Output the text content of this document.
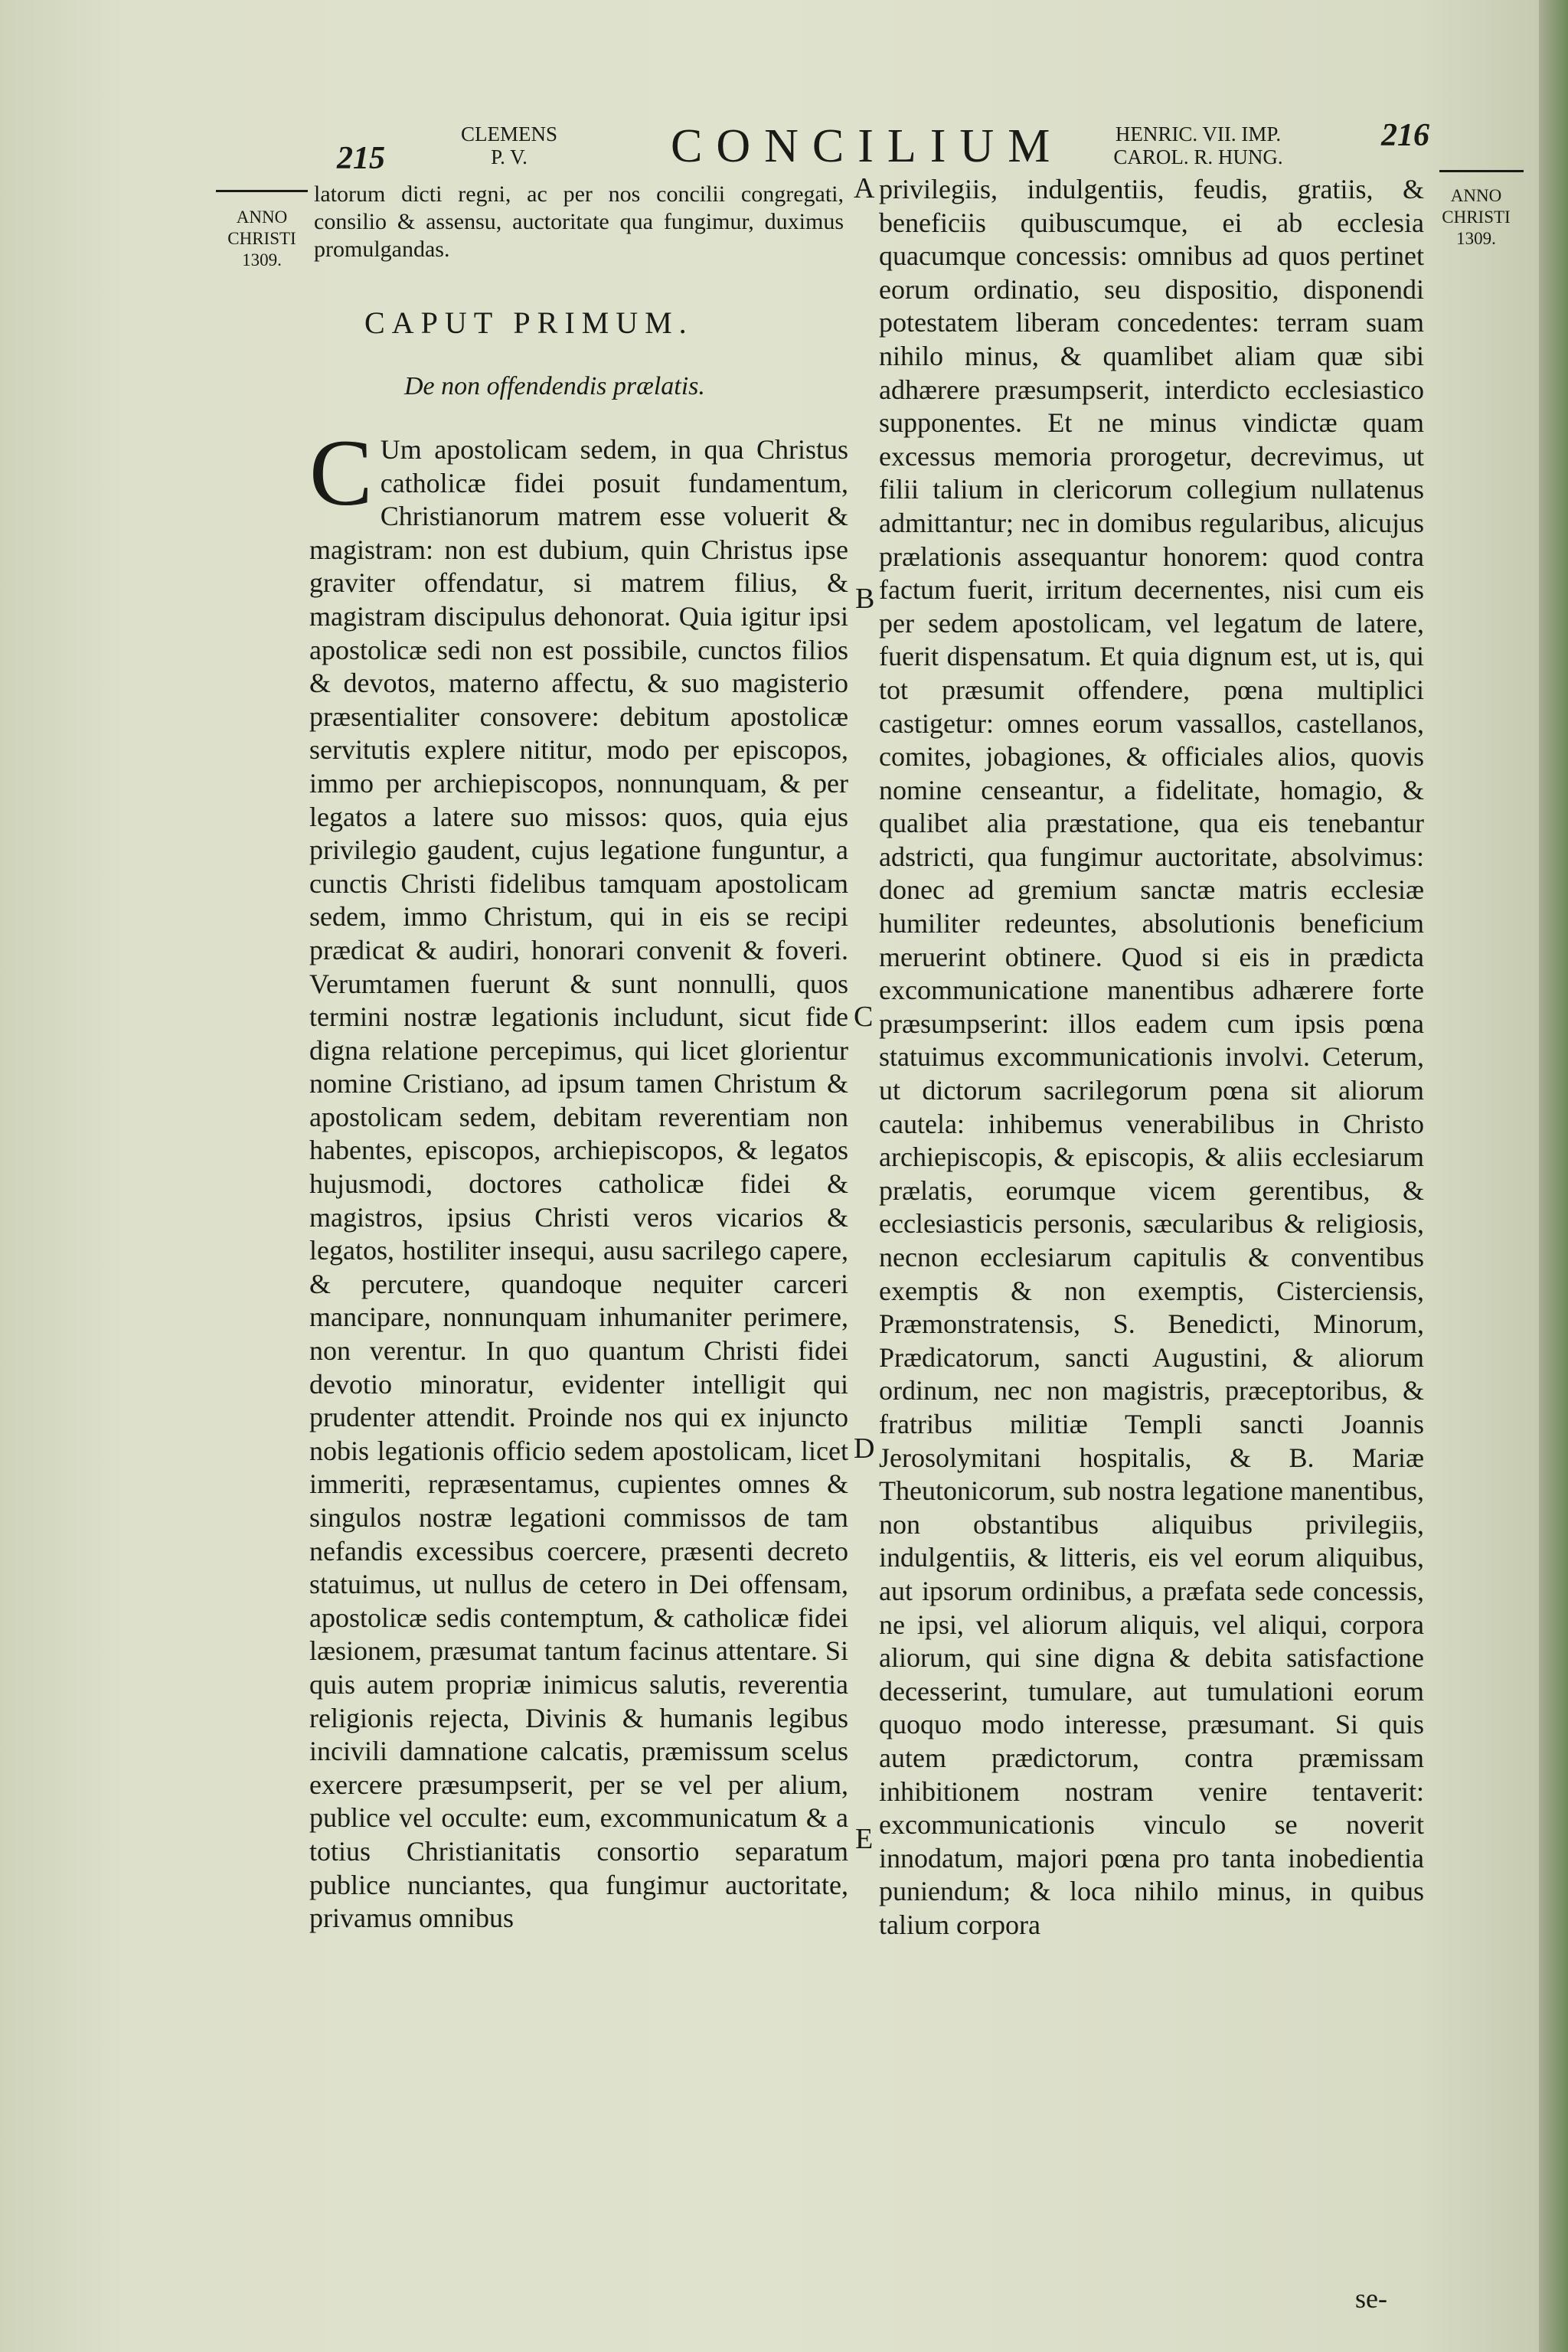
215
CLEMENS
P. V.	CONCILIUM	HENRIC. VII. IMP.
CAROL. R. HUNG.
216
ANNO
CHRISTI
1309.
ANNO
CHRISTI
1309.
latorum dicti regni, ac per nos concilii congregati, consilio & assensu, auctoritate qua fungimur, duximus promulgandas.
CAPUT PRIMUM.
De non offendendis prælatis.
C Um apostolicam sedem, in qua Christus catholicæ fidei posuit fundamentum, Christianorum matrem esse voluerit & magistram: non est dubium, quin Christus ipse graviter offendatur, si matrem filius, & magistram discipulus dehonorat. Quia igitur ipsi apostolicæ sedi non est possibile, cunctos filios & devotos, materno affectu, & suo magisterio præsentialiter consovere: debitum apostolicæ servitutis explere nititur, modo per episcopos, immo per archiepiscopos, nonnunquam, & per legatos a latere suo missos: quos, quia ejus privilegio gaudent, cujus legatione funguntur, a cunctis Christi fidelibus tamquam apostolicam sedem, immo Christum, qui in eis se recipi prædicat & audiri, honorari convenit & foveri. Verumtamen fuerunt & sunt nonnulli, quos termini nostræ legationis includunt, sicut fide digna relatione percepimus, qui licet glorientur nomine Cristiano, ad ipsum tamen Christum & apostolicam sedem, debitam reverentiam non habentes, episcopos, archiepiscopos, & legatos hujusmodi, doctores catholicæ fidei & magistros, ipsius Christi veros vicarios & legatos, hostiliter insequi, ausu sacrilego capere, & percutere, quandoque nequiter carceri mancipare, nonnunquam inhumaniter perimere, non verentur. In quo quantum Christi fidei devotio minoratur, evidenter intelligit qui prudenter attendit. Proinde nos qui ex injuncto nobis legationis officio sedem apostolicam, licet immeriti, repræsentamus, cupientes omnes & singulos nostræ legationi commissos de tam nefandis excessibus coercere, præsenti decreto statuimus, ut nullus de cetero in Dei offensam, apostolicæ sedis contemptum, & catholicæ fidei læsionem, præsumat tantum facinus attentare. Si quis autem propriæ inimicus salutis, reverentia religionis rejecta, Divinis & humanis legibus incivili damnatione calcatis, præmissum scelus exercere præsumpserit, per se vel per alium, publice vel occulte: eum, excommunicatum & a totius Christianitatis consortio separatum publice nunciantes, qua fungimur auctoritate, privamus omnibus
A
B
C
D
E
privilegiis, indulgentiis, feudis, gratiis, & beneficiis quibuscumque, ei ab ecclesia quacumque concessis: omnibus ad quos pertinet eorum ordinatio, seu dispositio, disponendi potestatem liberam concedentes: terram suam nihilo minus, & quamlibet aliam quæ sibi adhærere præsumpserit, interdicto ecclesiastico supponentes. Et ne minus vindictæ quam excessus memoria prorogetur, decrevimus, ut filii talium in clericorum collegium nullatenus admittantur; nec in domibus regularibus, alicujus prælationis assequantur honorem: quod contra factum fuerit, irritum decernentes, nisi cum eis per sedem apostolicam, vel legatum de latere, fuerit dispensatum. Et quia dignum est, ut is, qui tot præsumit offendere, pœna multiplici castigetur: omnes eorum vassallos, castellanos, comites, jobagiones, & officiales alios, quovis nomine censeantur, a fidelitate, homagio, & qualibet alia præstatione, qua eis tenebantur adstricti, qua fungimur auctoritate, absolvimus: donec ad gremium sanctæ matris ecclesiæ humiliter redeuntes, absolutionis beneficium meruerint obtinere. Quod si eis in prædicta excommunicatione manentibus adhærere forte præsumpserint: illos eadem cum ipsis pœna statuimus excommunicationis involvi. Ceterum, ut dictorum sacrilegorum pœna sit aliorum cautela: inhibemus venerabilibus in Christo archiepiscopis, & episcopis, & aliis ecclesiarum prælatis, eorumque vicem gerentibus, & ecclesiasticis personis, sæcularibus & religiosis, necnon ecclesiarum capitulis & conventibus exemptis & non exemptis, Cisterciensis, Præmonstratensis, S. Benedicti, Minorum, Prædicatorum, sancti Augustini, & aliorum ordinum, nec non magistris, præceptoribus, & fratribus militiæ Templi sancti Joannis Jerosolymitani hospitalis, & B. Mariæ Theutonicorum, sub nostra legatione manentibus, non obstantibus aliquibus privilegiis, indulgentiis, & litteris, eis vel eorum aliquibus, aut ipsorum ordinibus, a præfata sede concessis, ne ipsi, vel aliorum aliquis, vel aliqui, corpora aliorum, qui sine digna & debita satisfactione decesserint, tumulare, aut tumulationi eorum quoquo modo interesse, præsumant. Si quis autem prædictorum, contra præmissam inhibitionem nostram venire tentaverit: excommunicationis vinculo se noverit innodatum, majori pœna pro tanta inobedientia puniendum; & loca nihilo minus, in quibus talium corpora
se-
